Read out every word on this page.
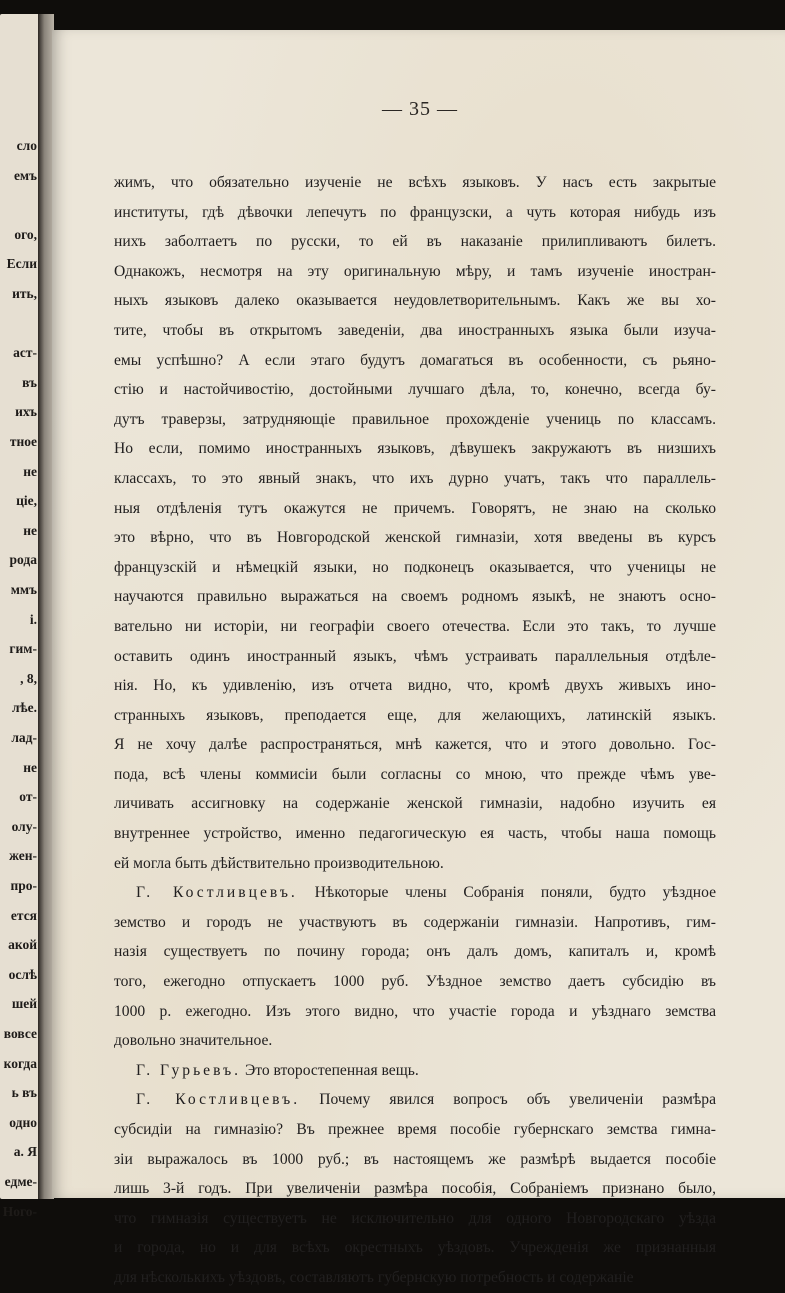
сло
емъ
ого,
Если
ить,
аст-
въ
ихъ
тное
не
ціе,
не
рода
ммъ
і.
гим-
, 8,
лѣе.
лад-
не
от-
олу-
жен-
про-
ется
акой
ослѣ
шей
вовсе
когда
ь въ
одно
а. Я
едме-
Ного-
— 35 —
жимъ, что обязательно изученіе не всѣхъ языковъ. У насъ есть закрытые
институты, гдѣ дѣвочки лепечутъ по французски, а чуть которая нибудь изъ
нихъ заболтаетъ по русски, то ей въ наказаніе прилипливаютъ билетъ.
Однакожъ, несмотря на эту оригинальную мѣру, и тамъ изученіе иностран-
ныхъ языковъ далеко оказывается неудовлетворительнымъ. Какъ же вы хо-
тите, чтобы въ открытомъ заведеніи, два иностранныхъ языка были изуча-
емы успѣшно? А если этаго будутъ домагаться въ особенности, съ рьяно-
стію и настойчивостію, достойными лучшаго дѣла, то, конечно, всегда бу-
дутъ траверзы, затрудняющіе правильное прохожденіе учениць по классамъ.
Но если, помимо иностранныхъ языковъ, дѣвушекъ закружаютъ въ низшихъ
классахъ, то это явный знакъ, что ихъ дурно учатъ, такъ что параллель-
ныя отдѣленія тутъ окажутся не причемъ. Говорятъ, не знаю на сколько
это вѣрно, что въ Новгородской женской гимназіи, хотя введены въ курсъ
французскій и нѣмецкій языки, но подконецъ оказывается, что ученицы не
научаются правильно выражаться на своемъ родномъ языкѣ, не знаютъ осно-
вательно ни исторіи, ни географіи своего отечества. Если это такъ, то лучше
оставить одинъ иностранный языкъ, чѣмъ устраивать параллельныя отдѣле-
нія. Но, къ удивленію, изъ отчета видно, что, кромѣ двухъ живыхъ ино-
странныхъ языковъ, преподается еще, для желающихъ, латинскій языкъ.
Я не хочу далѣе распространяться, мнѣ кажется, что и этого довольно. Гос-
пода, всѣ члены коммисіи были согласны со мною, что прежде чѣмъ уве-
личивать ассигновку на содержаніе женской гимназіи, надобно изучить ея
внутреннее устройство, именно педагогическую ея часть, чтобы наша помощь
ей могла быть дѣйствительно производительною.
Г. Костливцевъ. Нѣкоторые члены Собранія поняли, будто уѣздное
земство и городъ не участвуютъ въ содержаніи гимназіи. Напротивъ, гим-
назія существуетъ по почину города; онъ далъ домъ, капиталъ и, кромѣ
того, ежегодно отпускаетъ 1000 руб. Уѣздное земство даетъ субсидію въ
1000 р. ежегодно. Изъ этого видно, что участіе города и уѣзднаго земства
довольно значительное.
Г. Гурьевъ. Это второстепенная вещь.
Г. Костливцевъ. Почему явился вопросъ объ увеличеніи размѣра
субсидіи на гимназію? Въ прежнее время пособіе губернскаго земства гимна-
зіи выражалось въ 1000 руб.; въ настоящемъ же размѣрѣ выдается пособіе
лишь 3-й годъ. При увеличеніи размѣра пособія, Собраніемъ признано было,
что гимназія существуетъ не исключительно для одного Новгородскаго уѣзда
и города, но и для всѣхъ окрестныхъ уѣздовъ. Учрежденія же признанныя
для нѣсколькихъ уѣздовъ, составляютъ губернскую потребность и содержаніе
